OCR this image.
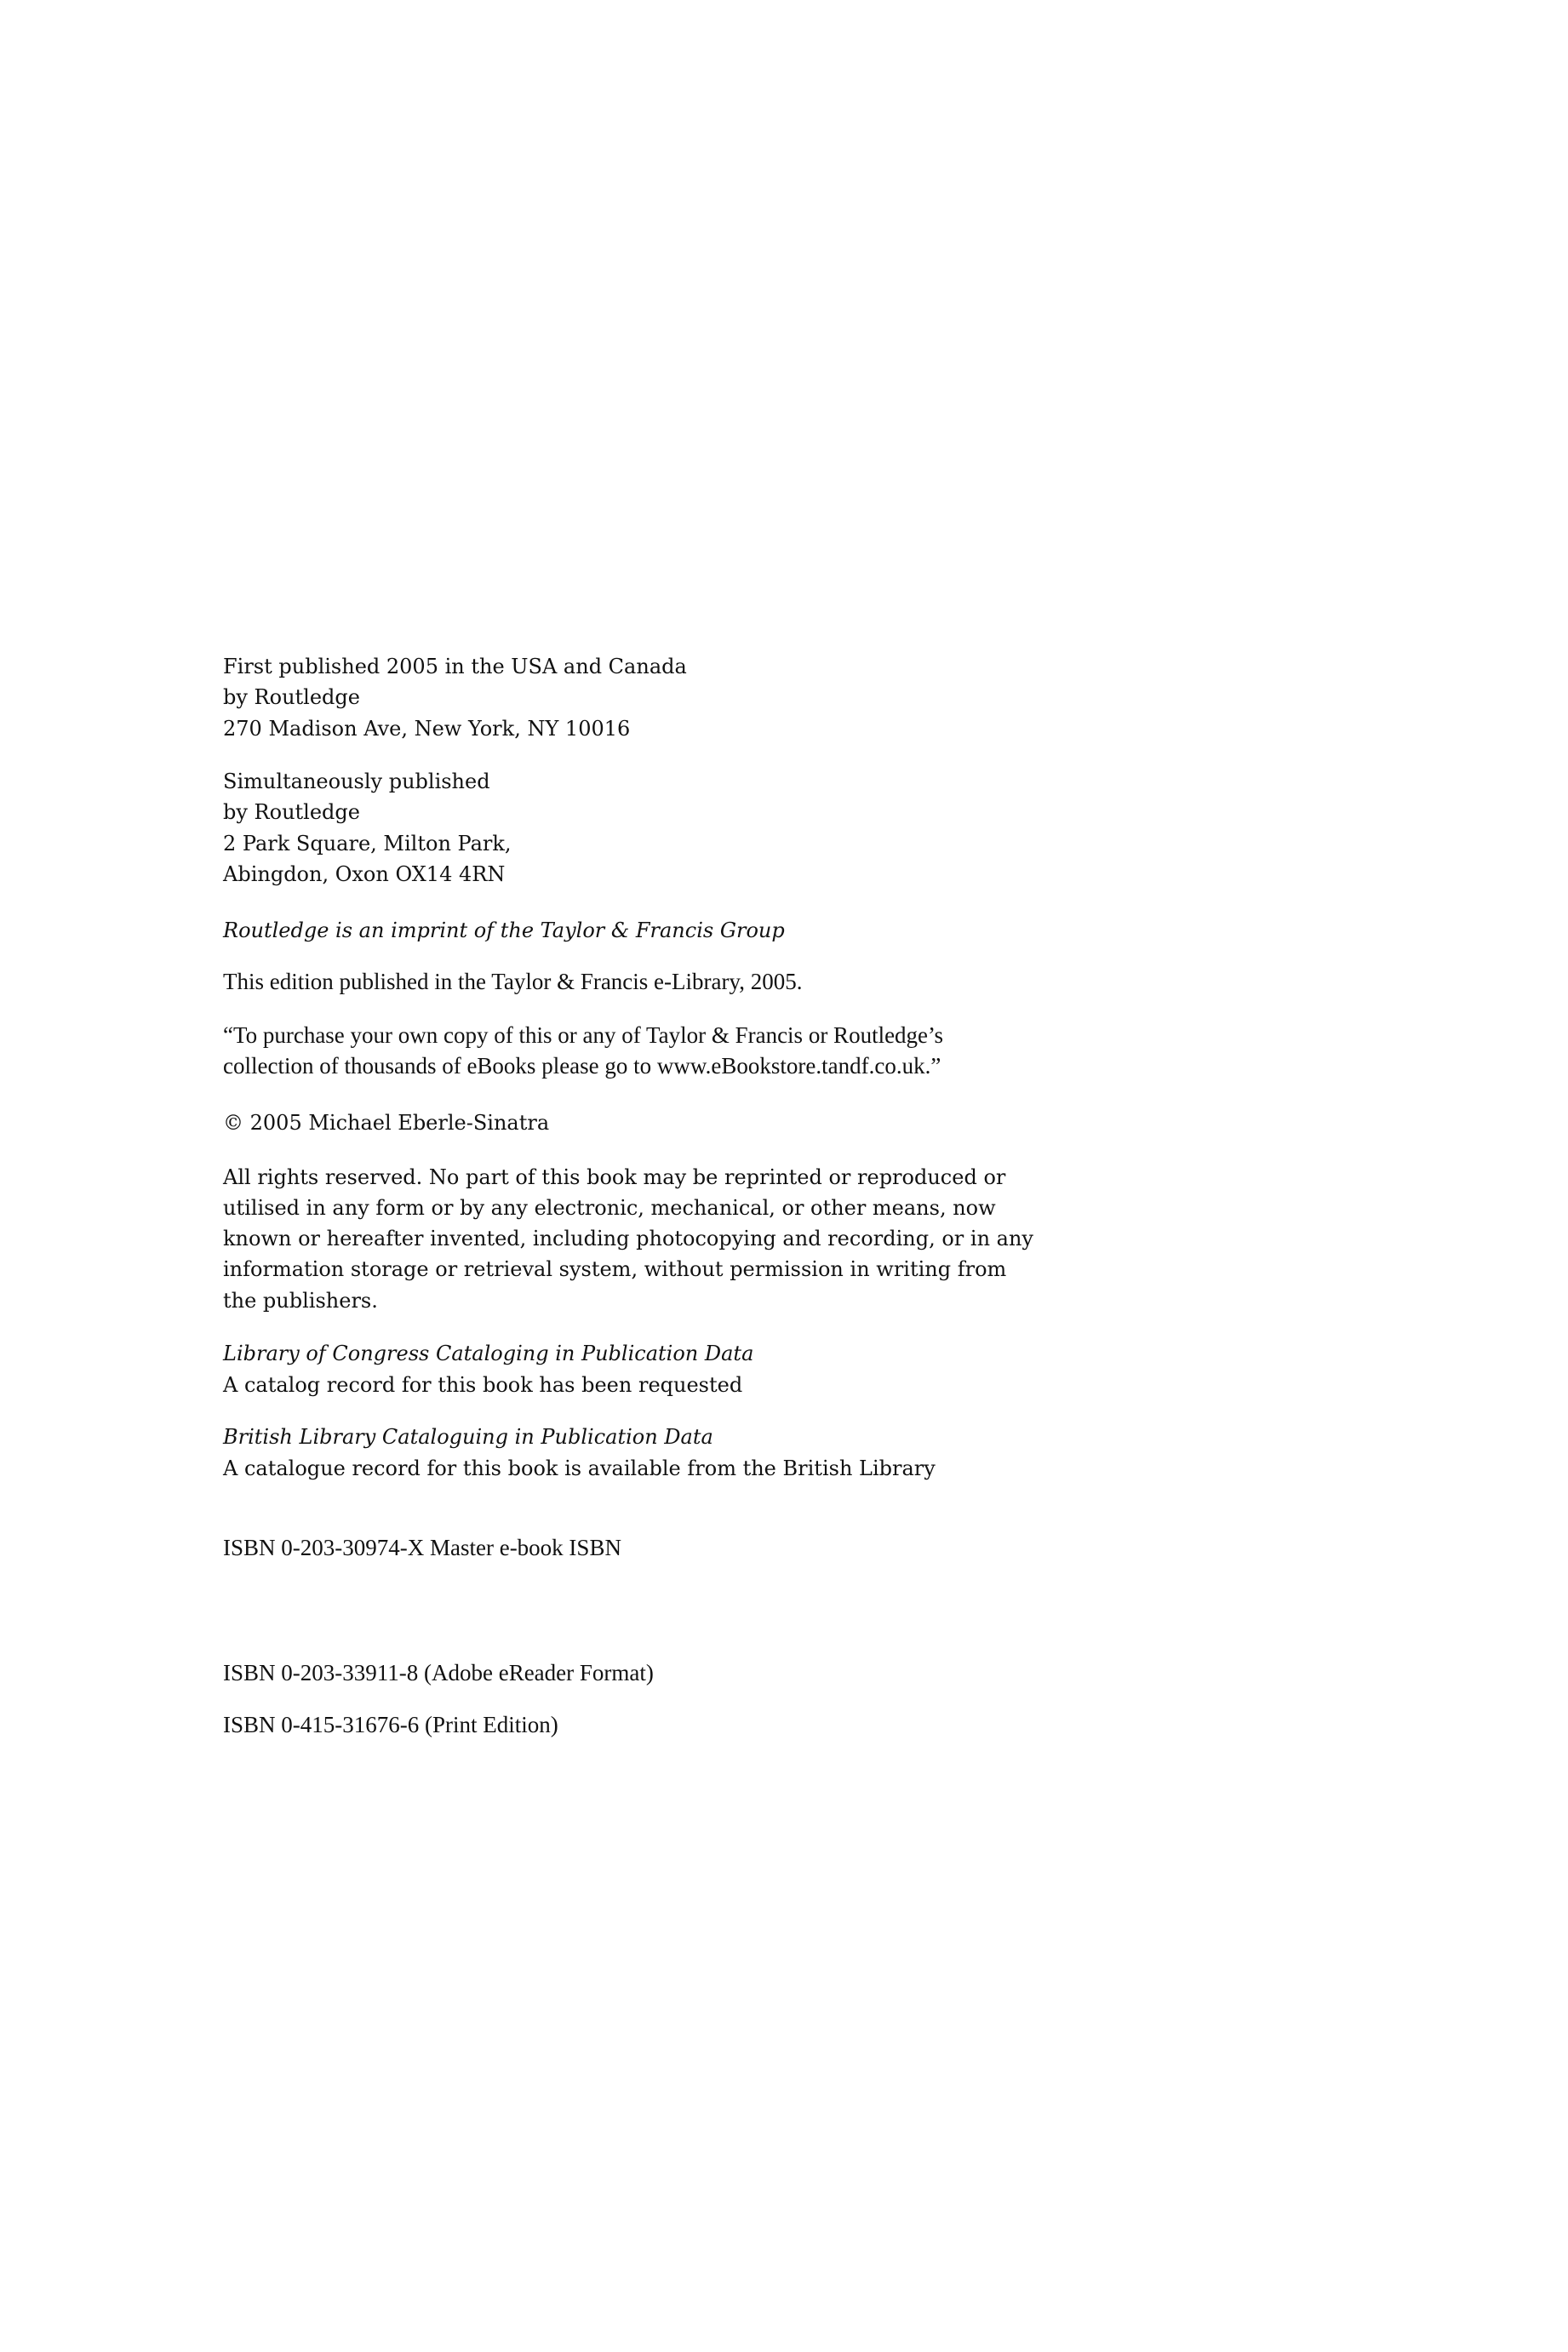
First published 2005 in the USA and Canada
by Routledge
270 Madison Ave, New York, NY 10016
Simultaneously published
by Routledge
2 Park Square, Milton Park,
Abingdon, Oxon OX14 4RN
Routledge is an imprint of the Taylor & Francis Group
This edition published in the Taylor & Francis e-Library, 2005.
“To purchase your own copy of this or any of Taylor & Francis or Routledge’s
collection of thousands of eBooks please go to www.eBookstore.tandf.co.uk.”
© 2005 Michael Eberle-Sinatra
All rights reserved. No part of this book may be reprinted or reproduced or
utilised in any form or by any electronic, mechanical, or other means, now
known or hereafter invented, including photocopying and recording, or in any
information storage or retrieval system, without permission in writing from
the publishers.
Library of Congress Cataloging in Publication Data
A catalog record for this book has been requested
British Library Cataloguing in Publication Data
A catalogue record for this book is available from the British Library
ISBN 0-203-30974-X Master e-book ISBN
ISBN 0-203-33911-8 (Adobe eReader Format)
ISBN 0-415-31676-6 (Print Edition)
